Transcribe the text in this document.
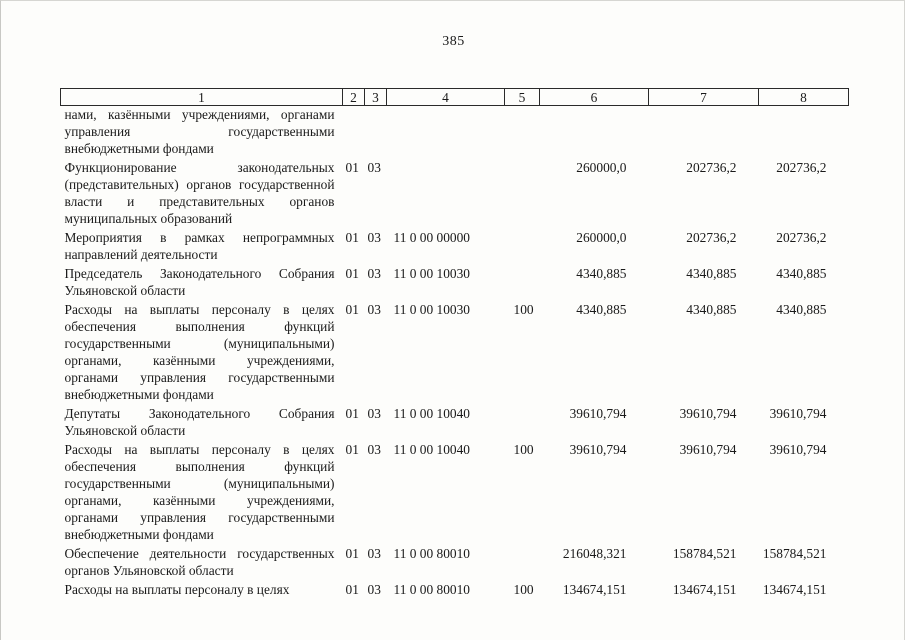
385
1	2	3	4	5	6	7	8
нами, казёнными учреждениями, органами управления государственными внебюджетными фондами							
Функционирование законодательных (представительных) органов государственной власти и представительных органов муниципальных образований	01	03			260000,0	202736,2	202736,2
Мероприятия в рамках непрограммных направлений деятельности	01	03	11 0 00 00000		260000,0	202736,2	202736,2
Председатель Законодательного Собрания Ульяновской области	01	03	11 0 00 10030		4340,885	4340,885	4340,885
Расходы на выплаты персоналу в целях обеспечения выполнения функций государственными (муниципальными) органами, казёнными учреждениями, органами управления государственными внебюджетными фондами	01	03	11 0 00 10030	100	4340,885	4340,885	4340,885
Депутаты Законодательного Собрания Ульяновской области	01	03	11 0 00 10040		39610,794	39610,794	39610,794
Расходы на выплаты персоналу в целях обеспечения выполнения функций государственными (муниципальными) органами, казёнными учреждениями, органами управления государственными внебюджетными фондами	01	03	11 0 00 10040	100	39610,794	39610,794	39610,794
Обеспечение деятельности государственных органов Ульяновской области	01	03	11 0 00 80010		216048,321	158784,521	158784,521
Расходы на выплаты персоналу в целях	01	03	11 0 00 80010	100	134674,151	134674,151	134674,151
